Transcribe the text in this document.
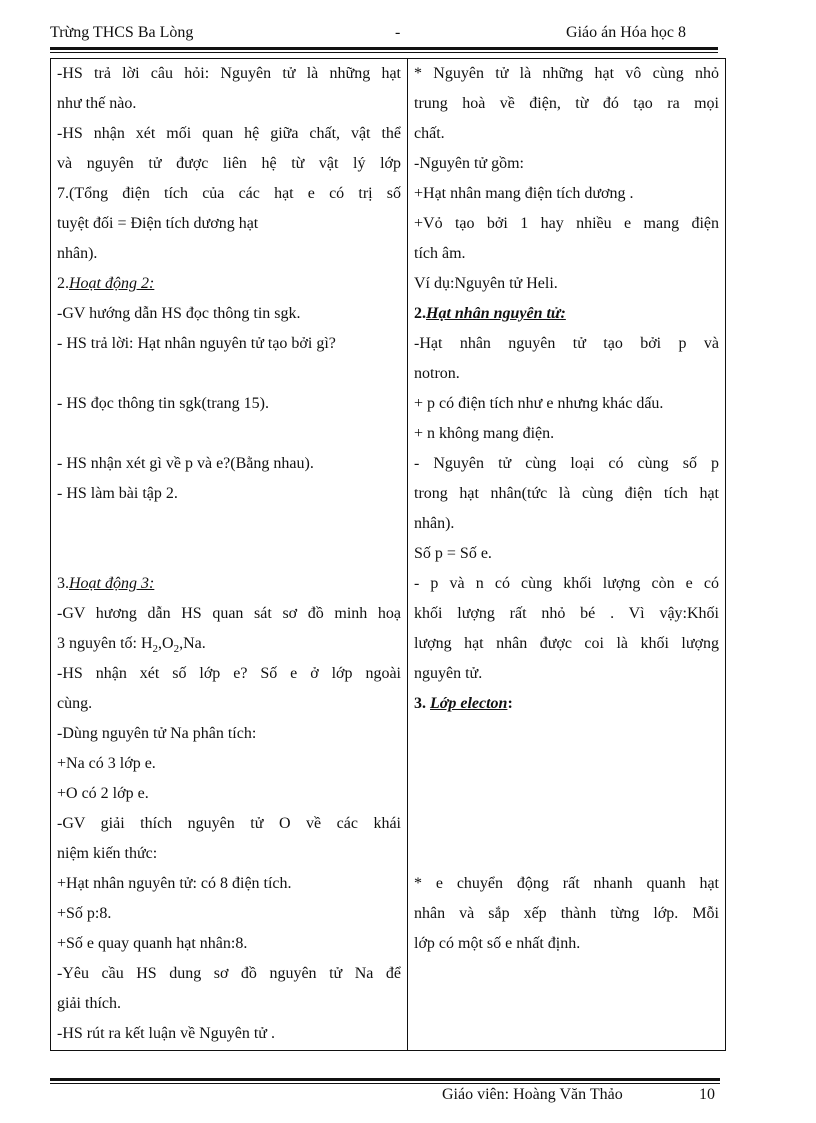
Trừng THCS Ba Lòng	-	Giáo án Hóa học 8
-HS trả lời câu hỏi: Nguyên tử là những hạt
như thế nào.
-HS nhận xét mối quan hệ giữa chất, vật thể
và nguyên tử được liên hệ từ vật lý lớp
7.(Tổng điện tích của các hạt e có trị số
tuyệt đối = Điện tích dương hạt
nhân).
2.Hoạt động 2:
-GV hướng dẫn HS đọc thông tin sgk.
- HS trả lời: Hạt nhân nguyên tử tạo bởi gì?
- HS đọc thông tin sgk(trang 15).
- HS nhận xét gì về p và e?(Bằng nhau).
- HS làm bài tập 2.
3.Hoạt động 3:
-GV hương dẫn HS quan sát sơ đồ minh hoạ
3 nguyên tố: $H_2,O_2,Na$.
-HS nhận xét số lớp e? Số e ở lớp ngoài
cùng.
-Dùng nguyên tử Na phân tích:
+Na có 3 lớp e.
+O có 2 lớp e.
-GV giải thích nguyên tử O về các khái
niệm kiến thức:
+Hạt nhân nguyên tử: có 8 điện tích.
+Số p:8.
+Số e quay quanh hạt nhân:8.
-Yêu cầu HS dung sơ đồ nguyên tử Na để
giải thích.
-HS rút ra kết luận về Nguyên tử .

* Nguyên tử là những hạt vô cùng nhỏ
trung hoà về điện, từ đó tạo ra mọi
chất.
-Nguyên tử gồm:
+Hạt nhân mang điện tích dương .
+Vỏ tạo bởi 1 hay nhiều e mang điện
tích âm.
Ví dụ:Nguyên tử Heli.
2.Hạt nhân nguyên tử:
-Hạt nhân nguyên tử tạo bởi p và
notron.
+ p có điện tích như e nhưng khác dấu.
+ n không mang điện.
- Nguyên tử cùng loại có cùng số p
trong hạt nhân(tức là cùng điện tích hạt
nhân).
Số p = Số e.
- p và n có cùng khối lượng còn e có
khối lượng rất nhỏ bé . Vì vậy:Khối
lượng hạt nhân được coi là khối lượng
nguyên tử.
3. Lớp electon:
* e chuyển động rất nhanh quanh hạt
nhân và sắp xếp thành từng lớp. Mỗi
lớp có một số e nhất định.
Giáo viên: Hoàng Văn Thảo	10
